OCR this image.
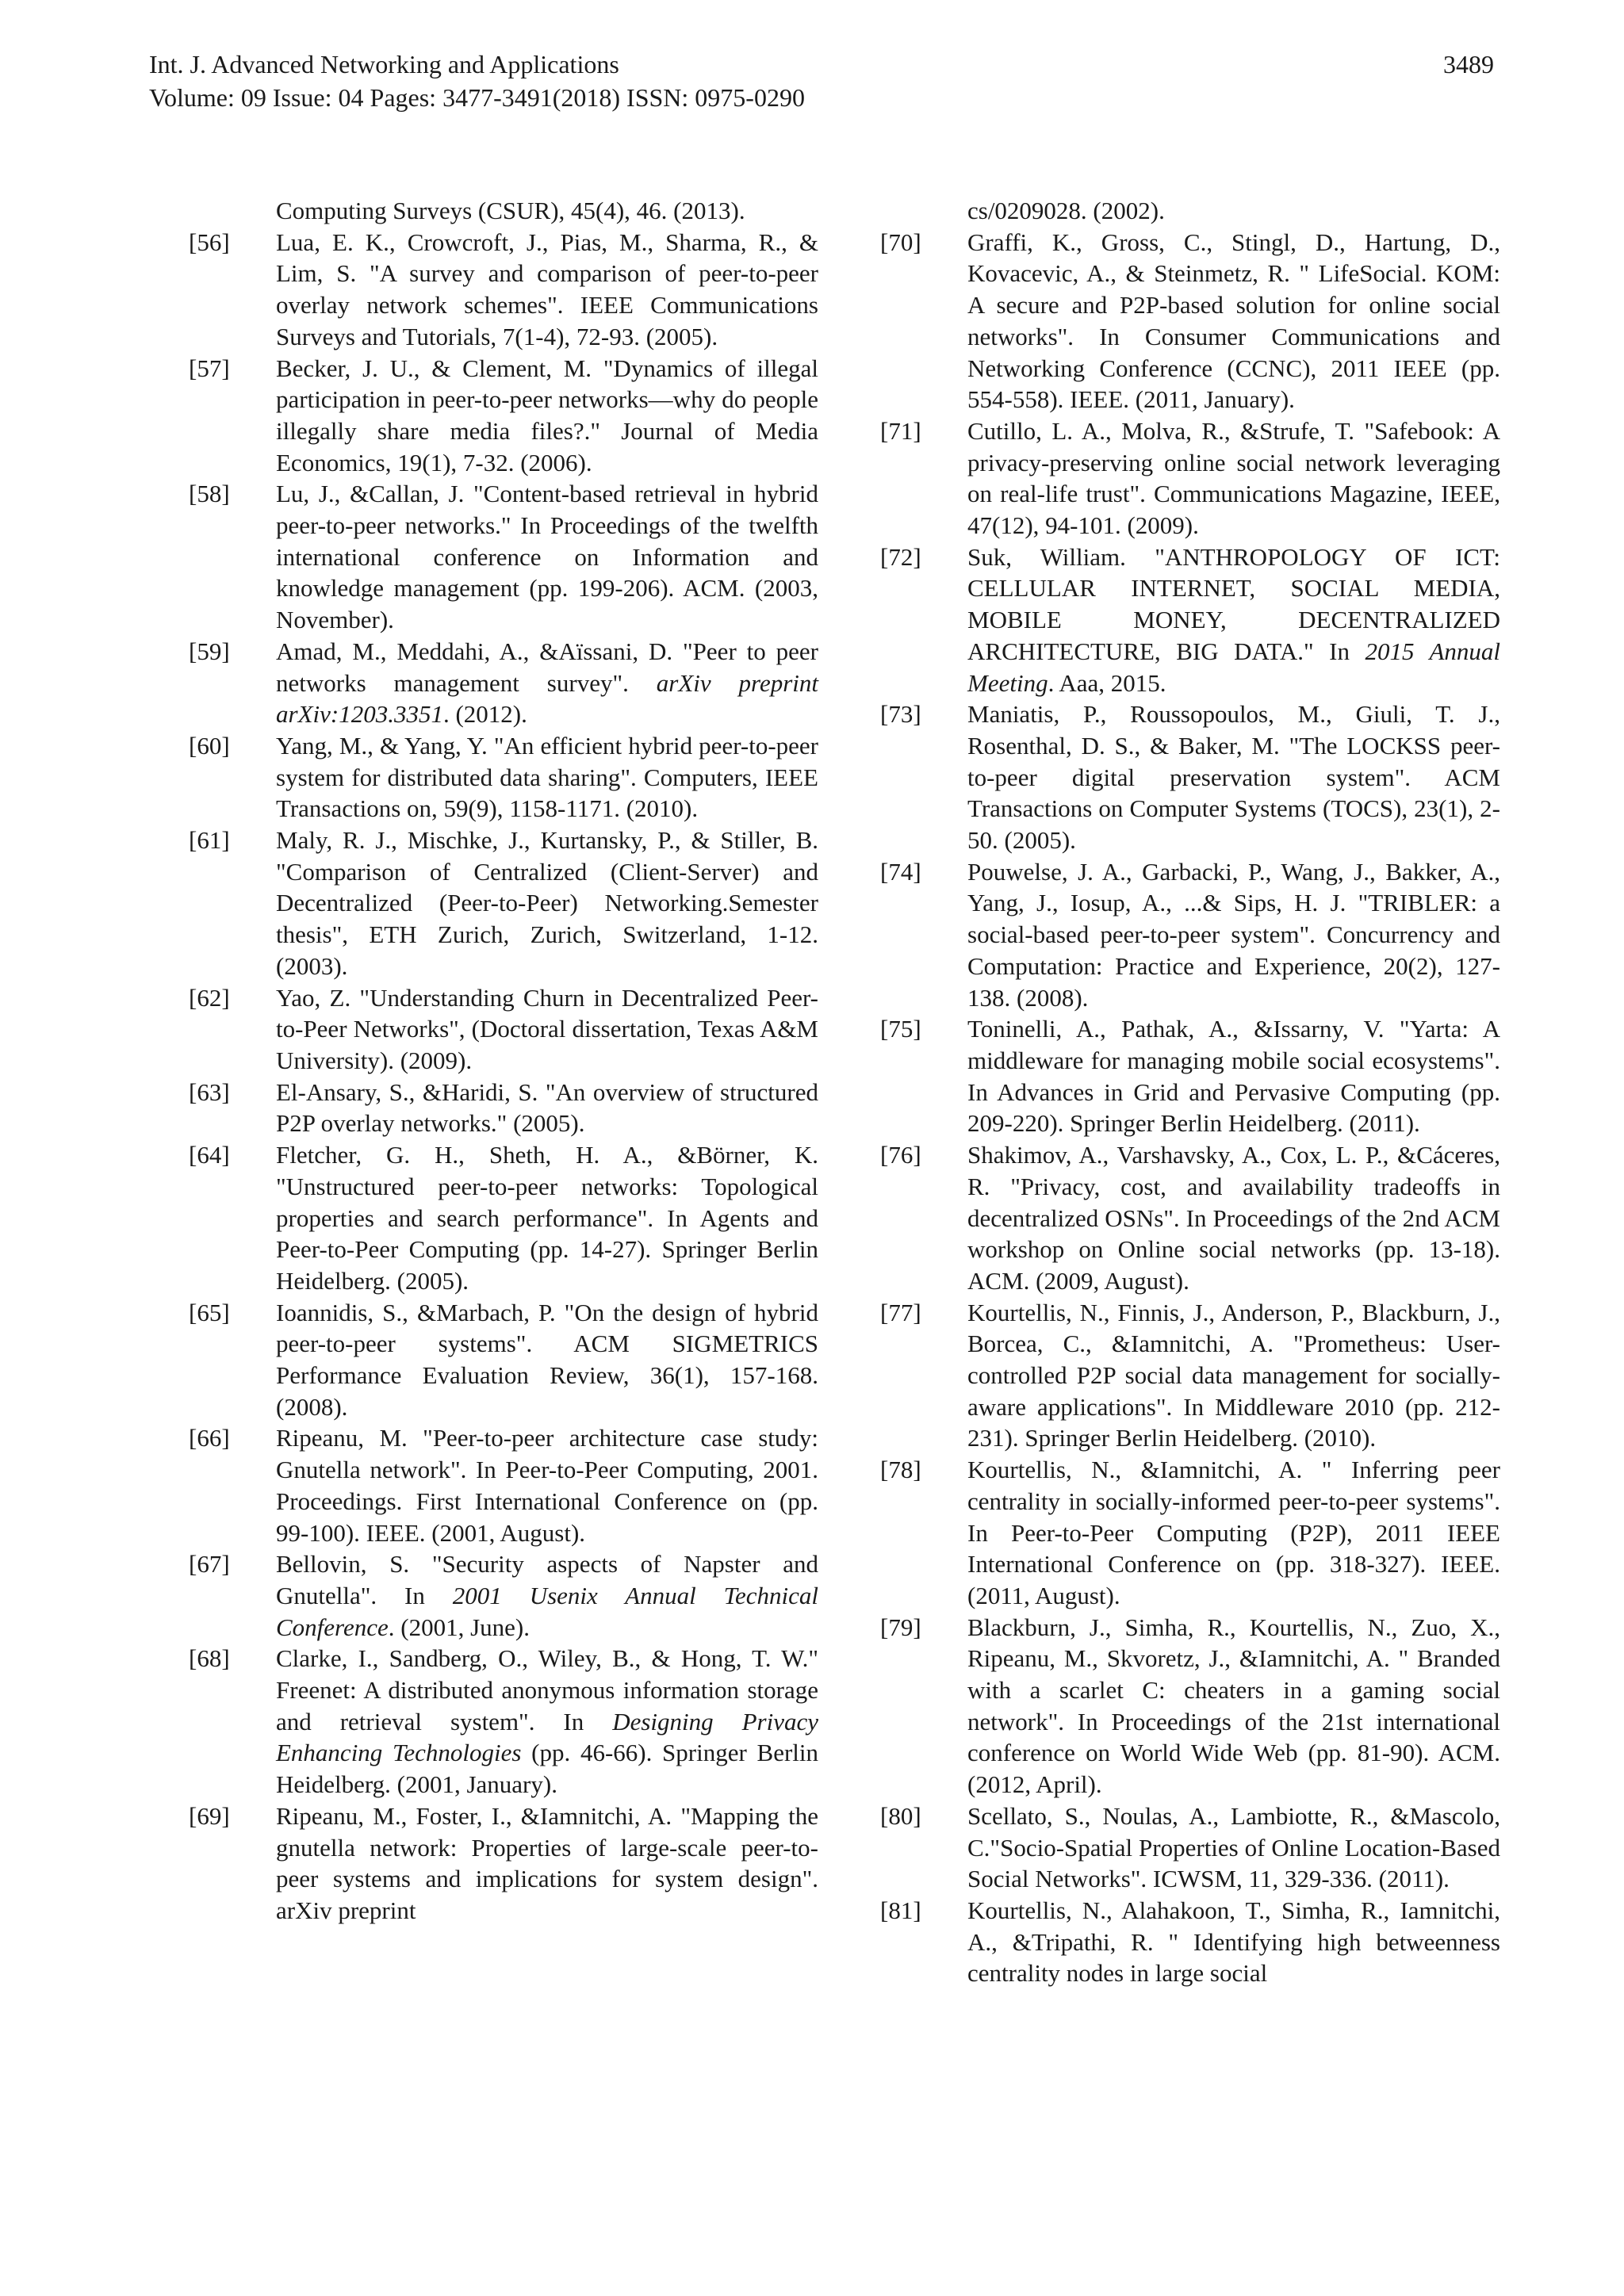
Int. J. Advanced Networking and Applications
Volume: 09 Issue: 04 Pages: 3477-3491(2018) ISSN: 0975-0290
3489
Computing Surveys (CSUR), 45(4), 46. (2013).
[56] Lua, E. K., Crowcroft, J., Pias, M., Sharma, R., & Lim, S. "A survey and comparison of peer-to-peer overlay network schemes". IEEE Communications Surveys and Tutorials, 7(1-4), 72-93. (2005).
[57] Becker, J. U., & Clement, M. "Dynamics of illegal participation in peer-to-peer networks—why do people illegally share media files?." Journal of Media Economics, 19(1), 7-32. (2006).
[58] Lu, J., &Callan, J. "Content-based retrieval in hybrid peer-to-peer networks." In Proceedings of the twelfth international conference on Information and knowledge management (pp. 199-206). ACM. (2003, November).
[59] Amad, M., Meddahi, A., &Aïssani, D. "Peer to peer networks management survey". arXiv preprint arXiv:1203.3351. (2012).
[60] Yang, M., & Yang, Y. "An efficient hybrid peer-to-peer system for distributed data sharing". Computers, IEEE Transactions on, 59(9), 1158-1171. (2010).
[61] Maly, R. J., Mischke, J., Kurtansky, P., & Stiller, B. "Comparison of Centralized (Client-Server) and Decentralized (Peer-to-Peer) Networking.Semester thesis", ETH Zurich, Zurich, Switzerland, 1-12. (2003).
[62] Yao, Z. "Understanding Churn in Decentralized Peer-to-Peer Networks", (Doctoral dissertation, Texas A&M University). (2009).
[63] El-Ansary, S., &Haridi, S. "An overview of structured P2P overlay networks." (2005).
[64] Fletcher, G. H., Sheth, H. A., &Börner, K. "Unstructured peer-to-peer networks: Topological properties and search performance". In Agents and Peer-to-Peer Computing (pp. 14-27). Springer Berlin Heidelberg. (2005).
[65] Ioannidis, S., &Marbach, P. "On the design of hybrid peer-to-peer systems". ACM SIGMETRICS Performance Evaluation Review, 36(1), 157-168. (2008).
[66] Ripeanu, M. "Peer-to-peer architecture case study: Gnutella network". In Peer-to-Peer Computing, 2001. Proceedings. First International Conference on (pp. 99-100). IEEE. (2001, August).
[67] Bellovin, S. "Security aspects of Napster and Gnutella". In 2001 Usenix Annual Technical Conference. (2001, June).
[68] Clarke, I., Sandberg, O., Wiley, B., & Hong, T. W." Freenet: A distributed anonymous information storage and retrieval system". In Designing Privacy Enhancing Technologies (pp. 46-66). Springer Berlin Heidelberg. (2001, January).
[69] Ripeanu, M., Foster, I., &Iamnitchi, A. "Mapping the gnutella network: Properties of large-scale peer-to-peer systems and implications for system design". arXiv preprint
cs/0209028. (2002).
[70] Graffi, K., Gross, C., Stingl, D., Hartung, D., Kovacevic, A., & Steinmetz, R. " LifeSocial. KOM: A secure and P2P-based solution for online social networks". In Consumer Communications and Networking Conference (CCNC), 2011 IEEE (pp. 554-558). IEEE. (2011, January).
[71] Cutillo, L. A., Molva, R., &Strufe, T. "Safebook: A privacy-preserving online social network leveraging on real-life trust". Communications Magazine, IEEE, 47(12), 94-101. (2009).
[72] Suk, William. "ANTHROPOLOGY OF ICT: CELLULAR INTERNET, SOCIAL MEDIA, MOBILE MONEY, DECENTRALIZED ARCHITECTURE, BIG DATA." In 2015 Annual Meeting. Aaa, 2015.
[73] Maniatis, P., Roussopoulos, M., Giuli, T. J., Rosenthal, D. S., & Baker, M. "The LOCKSS peer-to-peer digital preservation system". ACM Transactions on Computer Systems (TOCS), 23(1), 2-50. (2005).
[74] Pouwelse, J. A., Garbacki, P., Wang, J., Bakker, A., Yang, J., Iosup, A., ...& Sips, H. J. "TRIBLER: a social-based peer-to-peer system". Concurrency and Computation: Practice and Experience, 20(2), 127-138. (2008).
[75] Toninelli, A., Pathak, A., &Issarny, V. "Yarta: A middleware for managing mobile social ecosystems". In Advances in Grid and Pervasive Computing (pp. 209-220). Springer Berlin Heidelberg. (2011).
[76] Shakimov, A., Varshavsky, A., Cox, L. P., &Cáceres, R. "Privacy, cost, and availability tradeoffs in decentralized OSNs". In Proceedings of the 2nd ACM workshop on Online social networks (pp. 13-18). ACM. (2009, August).
[77] Kourtellis, N., Finnis, J., Anderson, P., Blackburn, J., Borcea, C., &Iamnitchi, A. "Prometheus: User-controlled P2P social data management for socially-aware applications". In Middleware 2010 (pp. 212-231). Springer Berlin Heidelberg. (2010).
[78] Kourtellis, N., &Iamnitchi, A. " Inferring peer centrality in socially-informed peer-to-peer systems". In Peer-to-Peer Computing (P2P), 2011 IEEE International Conference on (pp. 318-327). IEEE. (2011, August).
[79] Blackburn, J., Simha, R., Kourtellis, N., Zuo, X., Ripeanu, M., Skvoretz, J., &Iamnitchi, A. " Branded with a scarlet C: cheaters in a gaming social network". In Proceedings of the 21st international conference on World Wide Web (pp. 81-90). ACM.(2012, April).
[80] Scellato, S., Noulas, A., Lambiotte, R., &Mascolo, C."Socio-Spatial Properties of Online Location-Based Social Networks". ICWSM, 11, 329-336. (2011).
[81] Kourtellis, N., Alahakoon, T., Simha, R., Iamnitchi, A., &Tripathi, R. " Identifying high betweenness centrality nodes in large social
